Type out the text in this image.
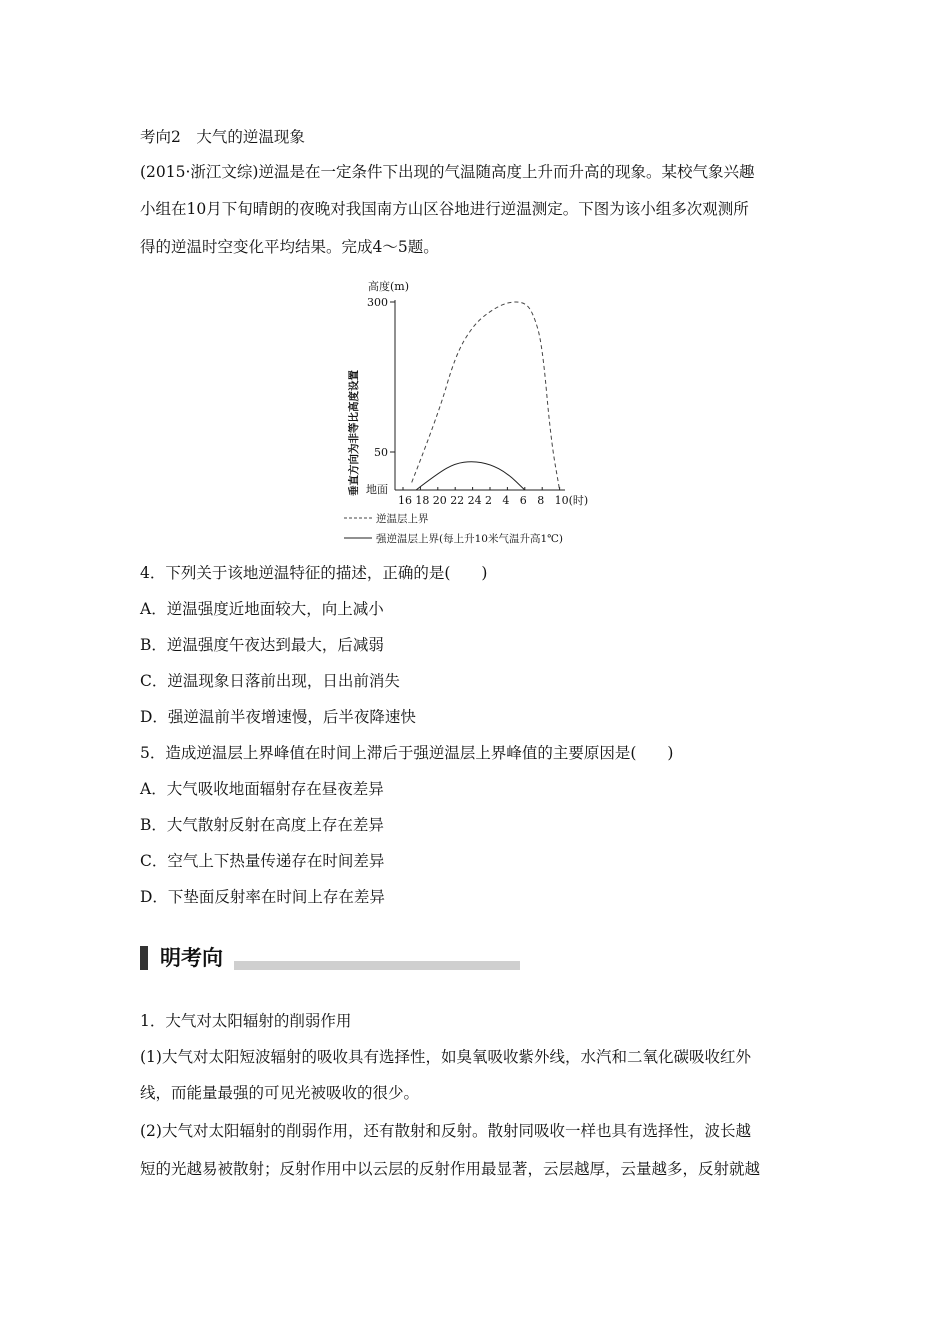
考向2　大气的逆温现象
(2015·浙江文综)逆温是在一定条件下出现的气温随高度上升而升高的现象。某校气象兴趣
小组在10月下旬晴朗的夜晚对我国南方山区谷地进行逆温测定。下图为该小组多次观测所
得的逆温时空变化平均结果。完成4～5题。
高度(m)
垂直方向为非等比高度设置
300
50
地面
16 18 20 22 24 2 4 6 8 10(时)
逆温层上界
强逆温层上界(每上升10米气温升高1℃)
4．下列关于该地逆温特征的描述，正确的是(　　)
A．逆温强度近地面较大，向上减小
B．逆温强度午夜达到最大，后减弱
C．逆温现象日落前出现，日出前消失
D．强逆温前半夜增速慢，后半夜降速快
5．造成逆温层上界峰值在时间上滞后于强逆温层上界峰值的主要原因是(　　)
A．大气吸收地面辐射存在昼夜差异
B．大气散射反射在高度上存在差异
C．空气上下热量传递存在时间差异
D．下垫面反射率在时间上存在差异
明考向
1．大气对太阳辐射的削弱作用
(1)大气对太阳短波辐射的吸收具有选择性，如臭氧吸收紫外线，水汽和二氧化碳吸收红外
线，而能量最强的可见光被吸收的很少。
(2)大气对太阳辐射的削弱作用，还有散射和反射。散射同吸收一样也具有选择性，波长越
短的光越易被散射；反射作用中以云层的反射作用最显著，云层越厚，云量越多，反射就越
